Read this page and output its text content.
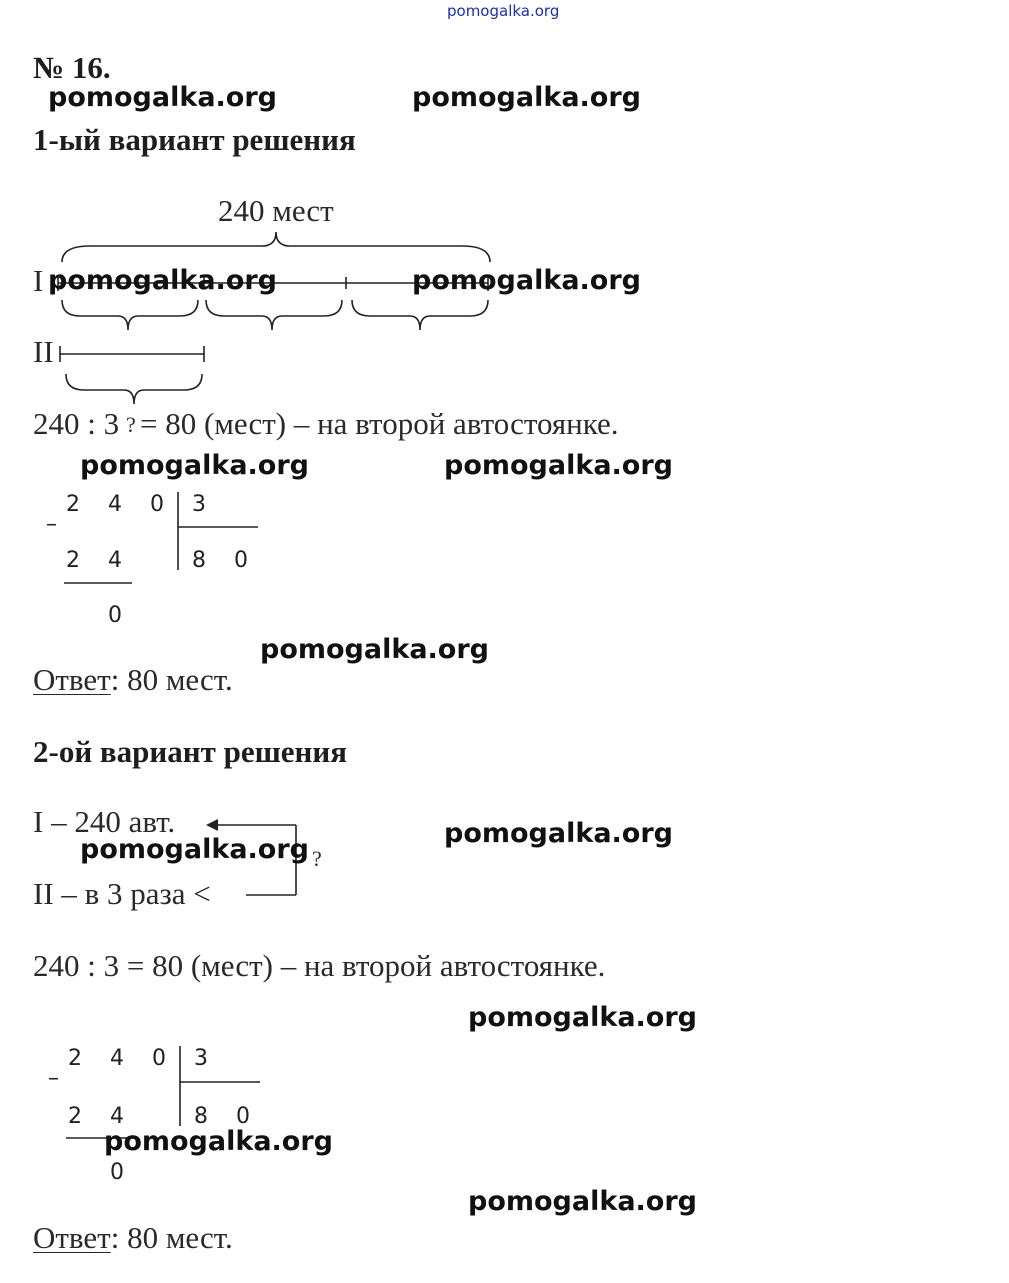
pomogalka.org
№ 16.
pomogalka.org	pomogalka.org
1-ый вариант решения
240 мест
I
II
pomogalka.org	pomogalka.org
240 : 3 ? = 80 (мест) – на второй автостоянке.
pomogalka.org	pomogalka.org
2 4 0 3
–
2 4	8 0
0
pomogalka.org
Ответ: 80 мест.
2-ой вариант решения
I – 240 авт.
II – в 3 раза <
?
pomogalka.org
pomogalka.org
240 : 3 = 80 (мест) – на второй автостоянке.
pomogalka.org
2 4 0 3
–
2 4	8 0
0
pomogalka.org
pomogalka.org
Ответ: 80 мест.
